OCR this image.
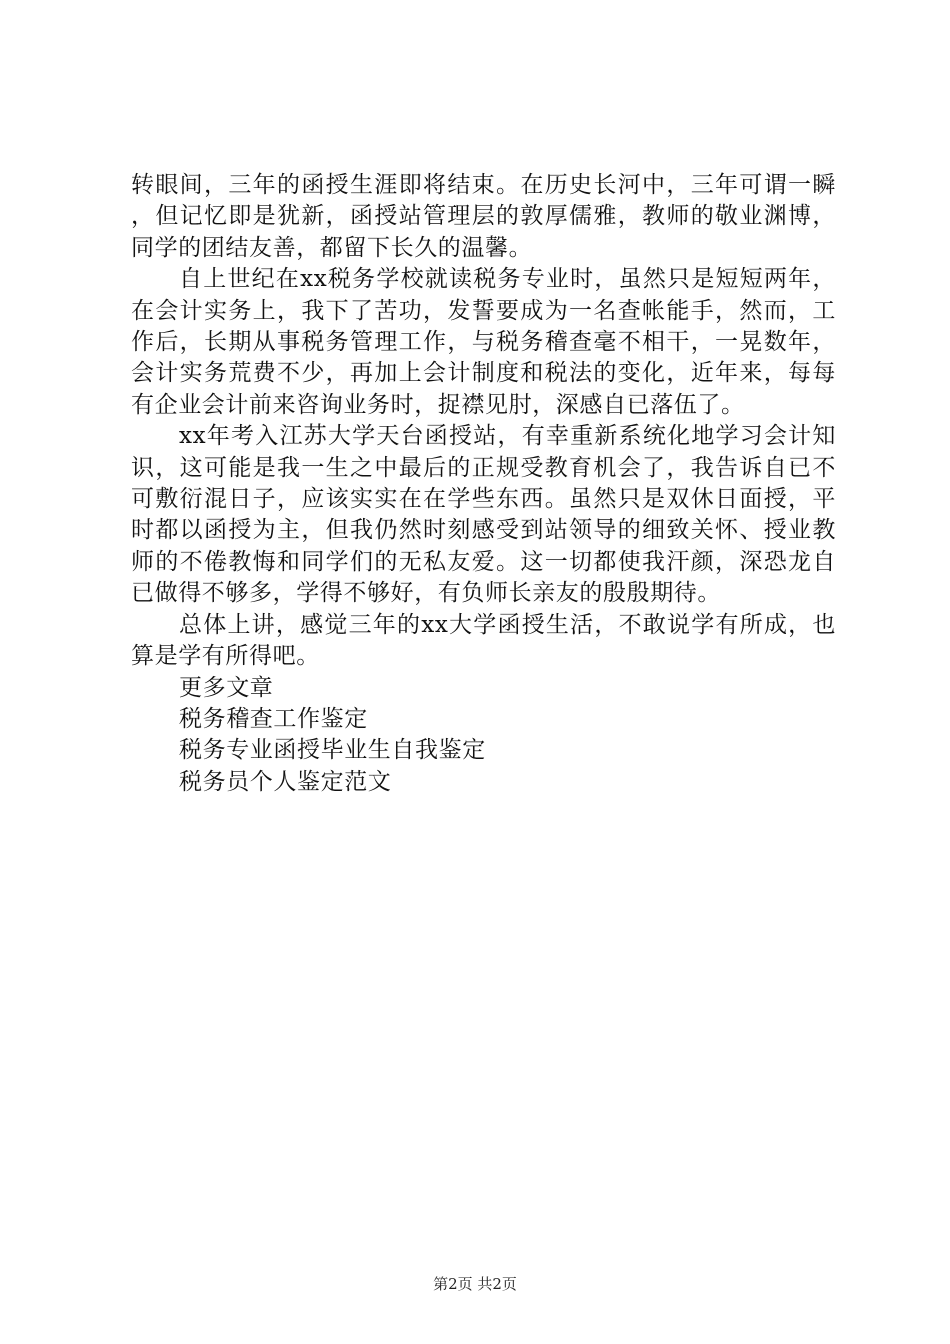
转眼间，三年的函授生涯即将结束。在历史长河中，三年可谓一瞬，但记忆即是犹新，函授站管理层的敦厚儒雅，教师的敬业渊博，同学的团结友善，都留下长久的温馨。

自上世纪在xx税务学校就读税务专业时，虽然只是短短两年，在会计实务上，我下了苦功，发誓要成为一名查帐能手，然而，工作后，长期从事税务管理工作，与税务稽查毫不相干，一晃数年，会计实务荒费不少，再加上会计制度和税法的变化，近年来，每每有企业会计前来咨询业务时，捉襟见肘，深感自已落伍了。

xx年考入江苏大学天台函授站，有幸重新系统化地学习会计知识，这可能是我一生之中最后的正规受教育机会了，我告诉自已不可敷衍混日子，应该实实在在学些东西。虽然只是双休日面授，平时都以函授为主，但我仍然时刻感受到站领导的细致关怀、授业教师的不倦教悔和同学们的无私友爱。这一切都使我汗颜，深恐龙自已做得不够多，学得不够好，有负师长亲友的殷殷期待。

总体上讲，感觉三年的xx大学函授生活，不敢说学有所成，也算是学有所得吧。

更多文章
税务稽查工作鉴定
税务专业函授毕业生自我鉴定
税务员个人鉴定范文
第2页 共2页
